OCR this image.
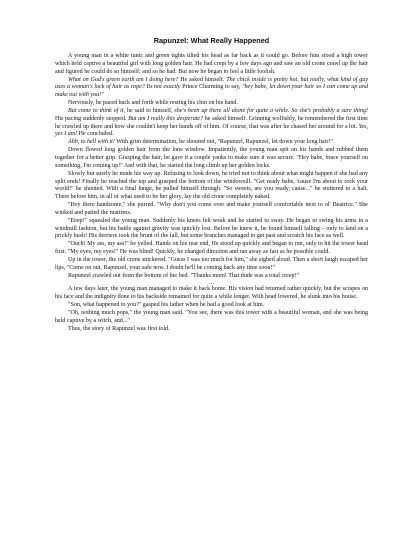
Rapunzel: What Really Happened

A young man in a white tunic and green tights tilted his head as far back as it could go. Before him stood a high tower which held captive a beautiful girl with long golden hair. He had crept by a few days ago and saw an old crone crawl up the hair and figured he could do so himself; and so he had. But now he began to feel a little foolish.

What on God's green earth am I doing here? He asked himself. The chick inside is pretty hot, but really, what kind of guy uses a woman's lock of hair as rope? Its not exactly Prince Charming to say, "hey babe, let down your hair so I can come up and make out with you!"

Nervously, he paced back and forth while resting his chin on his hand.

But come to think of it, he said to himself, she's been up there all alone for quite a while. So she's probably a sure thing! His pacing suddenly stopped. But am I really this desperate? he asked himself. Grinning wolfishly, he remembered the first time he crawled up there and how she couldn't keep her hands off of him. Of course, that was after he chased her around for a bit. Yes, yes I am! He concluded.

Ahh, to hell with it! With grim determination, he shouted out, "Rapunzel, Rapunzel, let down your long hair!"

Down flowed long golden hair from the lone window. Impatiently, the young man spit on his hands and rubbed them together for a better grip. Grasping the hair, he gave it a couple yanks to make sure it was secure. "Hey babe, brace yourself on something, I'm coming up!" And with that, he started the long climb up her golden locks.

Slowly but surely he made his way up. Refusing to look down, he tried not to think about what might happen if she had any split ends! Finally he reached the top and grasped the bottom of the windowsill. "Get ready babe, 'cause I'm about to rock your world!" he shouted. With a final lunge, he pulled himself through. "So sweets, are you ready, cause..." he stuttered to a halt. There before him, in all of what used to be her glory, lay the old crone completely naked.

"Hey there handsome," she purred. "Why don't you come over and make yourself comfortable next to ol' Beatrice." She winked and patted the mattress.

"Eeep!" squealed the young man. Suddenly his knees felt weak and he started to sway. He began to swing his arms in a windmill fashion, but his battle against gravity was quickly lost. Before he knew it, he found himself falling – only to land on a prickly bush! His derriere took the brunt of the fall, but some branches managed to get past and scratch his face as well.

"Ouch! My ass, my ass!" he yelled. Hands on his rear end, He stood up quickly and began to run, only to hit the tower head first. "My eyes, my eyes!" He was blind! Quickly, he changed direction and ran away as fast as he possible could.

Up in the tower, the old crone snickered. "Guess I was too much for him," she sighed aloud. Then a short laugh escaped her lips, "Come on out, Rapunzel, your safe now. I doubt he'll be coming back any time soon!"

Rapunzel crawled out from the bottom of her bed. "Thanks mom! That dude was a total creep!"

…

A few days later, the young man managed to make it back home. His vision had returned rather quickly, but the scrapes on his face and the indignity done to his backside remained for quite a while longer. With head lowered, he slunk into his house.

"Son, what happened to you?" gasped his father when he had a good look at him.

"Oh, nothing much pops," the young man said. "You see, there was this tower with a beautiful woman, and she was being held captive by a witch, and..."

Thus, the story of Rapunzel was first told.
